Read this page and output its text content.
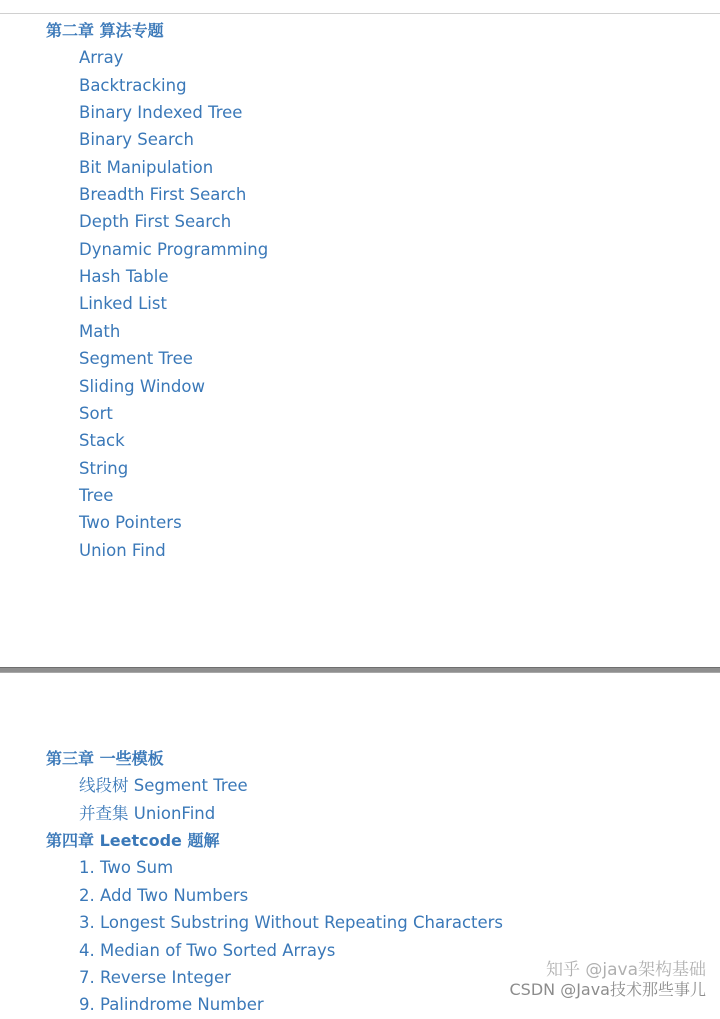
第二章 算法专题
Array
Backtracking
Binary Indexed Tree
Binary Search
Bit Manipulation
Breadth First Search
Depth First Search
Dynamic Programming
Hash Table
Linked List
Math
Segment Tree
Sliding Window
Sort
Stack
String
Tree
Two Pointers
Union Find
第三章 一些模板
线段树 Segment Tree
并查集 UnionFind
第四章 Leetcode 题解
1. Two Sum
2. Add Two Numbers
3. Longest Substring Without Repeating Characters
4. Median of Two Sorted Arrays
7. Reverse Integer
9. Palindrome Number
知乎 @java架构基础
CSDN @Java技术那些事儿
